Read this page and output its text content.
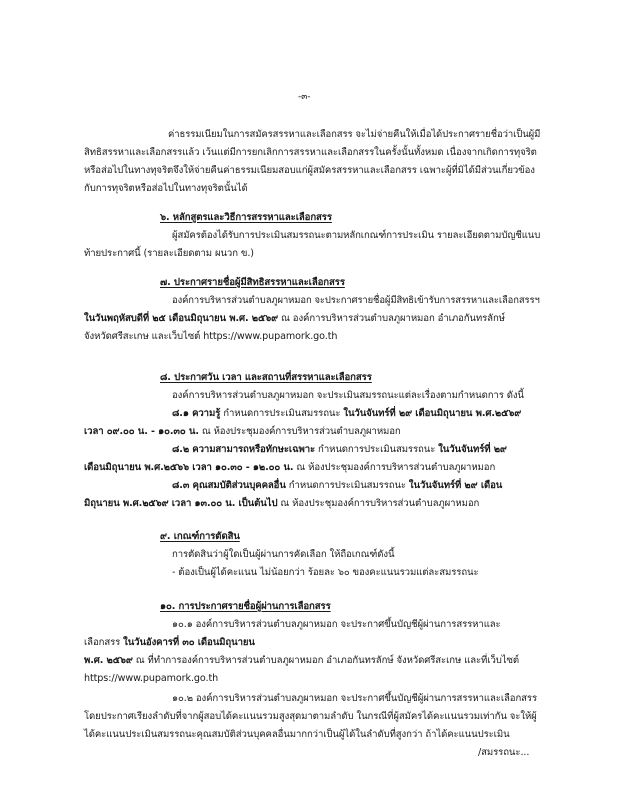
-๓-
ค่าธรรมเนียมในการสมัครสรรหาและเลือกสรร จะไม่จ่ายคืนให้เมื่อได้ประกาศรายชื่อว่าเป็นผู้มี
สิทธิสรรหาและเลือกสรรแล้ว เว้นแต่มีการยกเลิกการสรรหาและเลือกสรรในครั้งนั้นทั้งหมด เนื่องจากเกิดการทุจริต
หรือส่อไปในทางทุจริตจึงให้จ่ายคืนค่าธรรมเนียมสอบแก่ผู้สมัครสรรหาและเลือกสรร เฉพาะผู้ที่มิได้มีส่วนเกี่ยวข้อง
กับการทุจริตหรือส่อไปในทางทุจริตนั้นได้
๖. หลักสูตรและวิธีการสรรหาและเลือกสรร
ผู้สมัครต้องได้รับการประเมินสมรรถนะตามหลักเกณฑ์การประเมิน รายละเอียดตามบัญชีแนบ
ท้ายประกาศนี้ (รายละเอียดตาม ผนวก ข.)
๗. ประกาศรายชื่อผู้มีสิทธิสรรหาและเลือกสรร
องค์การบริหารส่วนตำบลภูผาหมอก จะประกาศรายชื่อผู้มีสิทธิเข้ารับการสรรหาและเลือกสรรฯ
ในวันพฤหัสบดีที่ ๒๕ เดือนมิถุนายน พ.ศ. ๒๕๖๙ ณ องค์การบริหารส่วนตำบลภูผาหมอก อำเภอกันทรลักษ์
จังหวัดศรีสะเกษ และเว็บไซต์ https://www.pupamork.go.th
๘. ประกาศวัน เวลา และสถานที่สรรหาและเลือกสรร
องค์การบริหารส่วนตำบลภูผาหมอก จะประเมินสมรรถนะแต่ละเรื่องตามกำหนดการ ดังนี้
๘.๑ ความรู้ กำหนดการประเมินสมรรถนะ ในวันจันทร์ที่ ๒๙ เดือนมิถุนายน พ.ศ.๒๕๖๙
เวลา ๐๙.๐๐ น. - ๑๐.๓๐ น. ณ ห้องประชุมองค์การบริหารส่วนตำบลภูผาหมอก
๘.๒ ความสามารถหรือทักษะเฉพาะ กำหนดการประเมินสมรรถนะ ในวันจันทร์ที่ ๒๙
เดือนมิถุนายน พ.ศ.๒๕๖๖ เวลา ๑๐.๓๐ - ๑๒.๐๐ น. ณ ห้องประชุมองค์การบริหารส่วนตำบลภูผาหมอก
๘.๓ คุณสมบัติส่วนบุคคลอื่น กำหนดการประเมินสมรรถนะ ในวันจันทร์ที่ ๒๙ เดือน
มิถุนายน พ.ศ.๒๕๖๙ เวลา ๑๓.๐๐ น. เป็นต้นไป ณ ห้องประชุมองค์การบริหารส่วนตำบลภูผาหมอก
๙. เกณฑ์การตัดสิน
การตัดสินว่าผู้ใดเป็นผู้ผ่านการคัดเลือก ให้ถือเกณฑ์ดังนี้
- ต้องเป็นผู้ได้คะแนน ไม่น้อยกว่า ร้อยละ ๖๐ ของคะแนนรวมแต่ละสมรรถนะ
๑๐. การประกาศรายชื่อผู้ผ่านการเลือกสรร
๑๐.๑ องค์การบริหารส่วนตำบลภูผาหมอก จะประกาศขึ้นบัญชีผู้ผ่านการสรรหาและ
เลือกสรร ในวันอังคารที่ ๓๐ เดือนมิถุนายน
พ.ศ. ๒๕๖๙ ณ ที่ทำการองค์การบริหารส่วนตำบลภูผาหมอก อำเภอกันทรลักษ์ จังหวัดศรีสะเกษ และที่เว็บไซต์
https://www.pupamork.go.th
๑๐.๒ องค์การบริหารส่วนตำบลภูผาหมอก จะประกาศขึ้นบัญชีผู้ผ่านการสรรหาและเลือกสรร
โดยประกาศเรียงลำดับที่จากผู้สอบได้คะแนนรวมสูงสุดมาตามลำดับ ในกรณีที่ผู้สมัครได้คะแนนรวมเท่ากัน จะให้ผู้
ได้คะแนนประเมินสมรรถนะคุณสมบัติส่วนบุคคลอื่นมากกว่าเป็นผู้ได้ในลำดับที่สูงกว่า ถ้าได้คะแนนประเมิน
/สมรรถนะ...
